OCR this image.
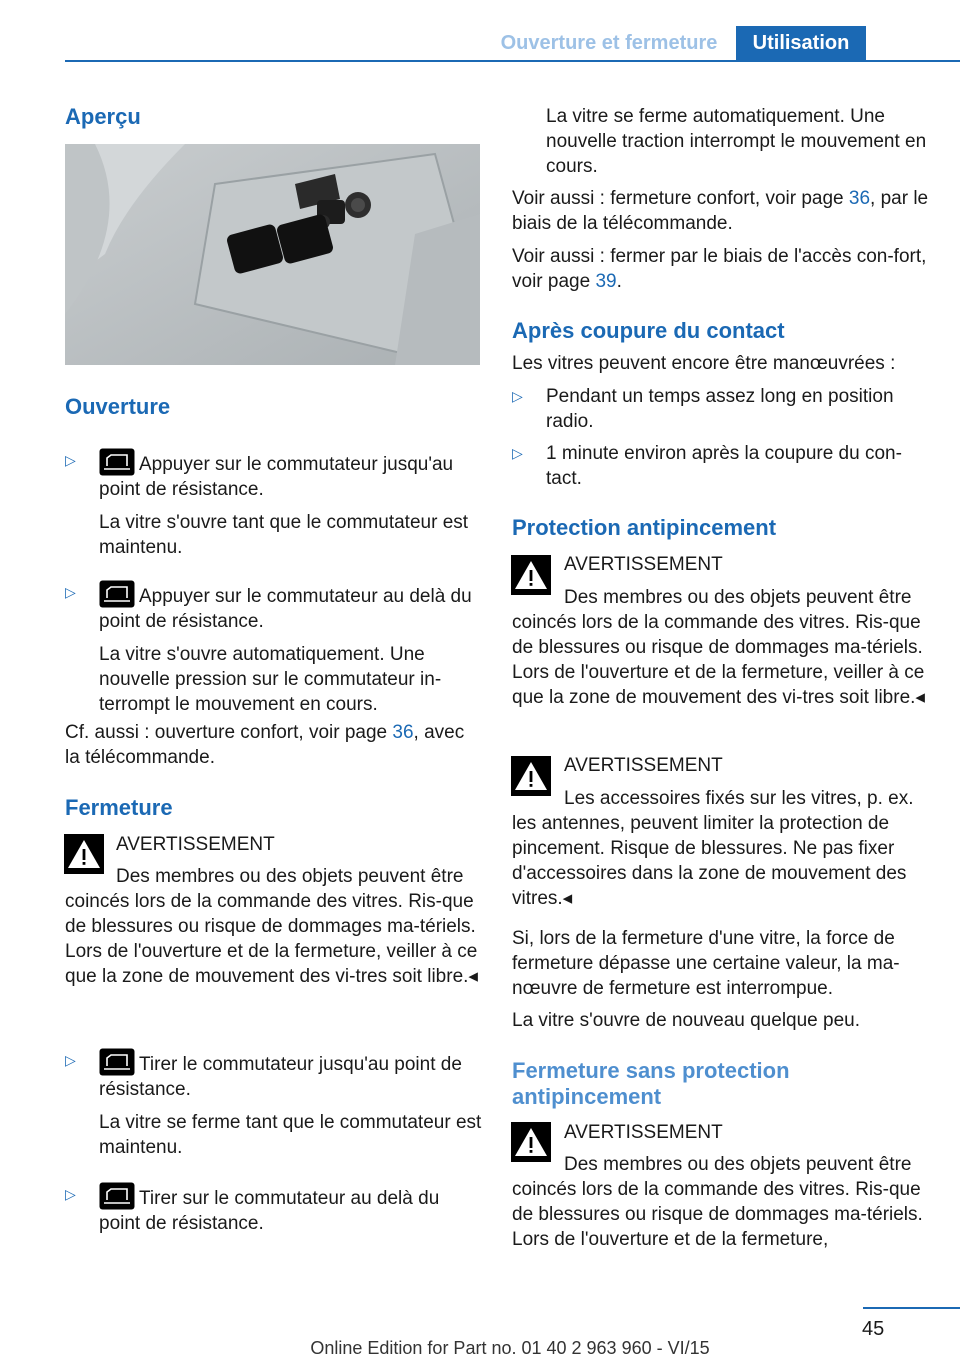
Ouverture et fermeture	Utilisation
Aperçu
Ouverture
▷	Appuyer sur le commutateur jusqu'au point de résistance.
La vitre s'ouvre tant que le commutateur est maintenu.
▷	Appuyer sur le commutateur au delà du point de résistance.
La vitre s'ouvre automatiquement. Une nouvelle pression sur le commutateur in-terrompt le mouvement en cours.
Cf. aussi : ouverture confort, voir page 36, avec la télécommande.
Fermeture
AVERTISSEMENT
Des membres ou des objets peuvent être coincés lors de la commande des vitres. Ris-que de blessures ou risque de dommages ma-tériels. Lors de l'ouverture et de la fermeture, veiller à ce que la zone de mouvement des vi-tres soit libre.◂
▷	Tirer le commutateur jusqu'au point de résistance.
La vitre se ferme tant que le commutateur est maintenu.
▷	Tirer sur le commutateur au delà du point de résistance.
La vitre se ferme automatiquement. Une nouvelle traction interrompt le mouvement en cours.
Voir aussi : fermeture confort, voir page 36, par le biais de la télécommande.
Voir aussi : fermer par le biais de l'accès con-fort, voir page 39.
Après coupure du contact
Les vitres peuvent encore être manœuvrées :
▷ Pendant un temps assez long en position radio.
▷ 1 minute environ après la coupure du con-tact.
Protection antipincement
AVERTISSEMENT
Des membres ou des objets peuvent être coincés lors de la commande des vitres. Ris-que de blessures ou risque de dommages ma-tériels. Lors de l'ouverture et de la fermeture, veiller à ce que la zone de mouvement des vi-tres soit libre.◂
AVERTISSEMENT
Les accessoires fixés sur les vitres, p. ex. les antennes, peuvent limiter la protection de pincement. Risque de blessures. Ne pas fixer d'accessoires dans la zone de mouvement des vitres.◂
Si, lors de la fermeture d'une vitre, la force de fermeture dépasse une certaine valeur, la ma-nœuvre de fermeture est interrompue.
La vitre s'ouvre de nouveau quelque peu.
Fermeture sans protection
antipincement
AVERTISSEMENT
Des membres ou des objets peuvent être coincés lors de la commande des vitres. Ris-que de blessures ou risque de dommages ma-tériels. Lors de l'ouverture et de la fermeture,
45
Online Edition for Part no. 01 40 2 963 960 - VI/15
